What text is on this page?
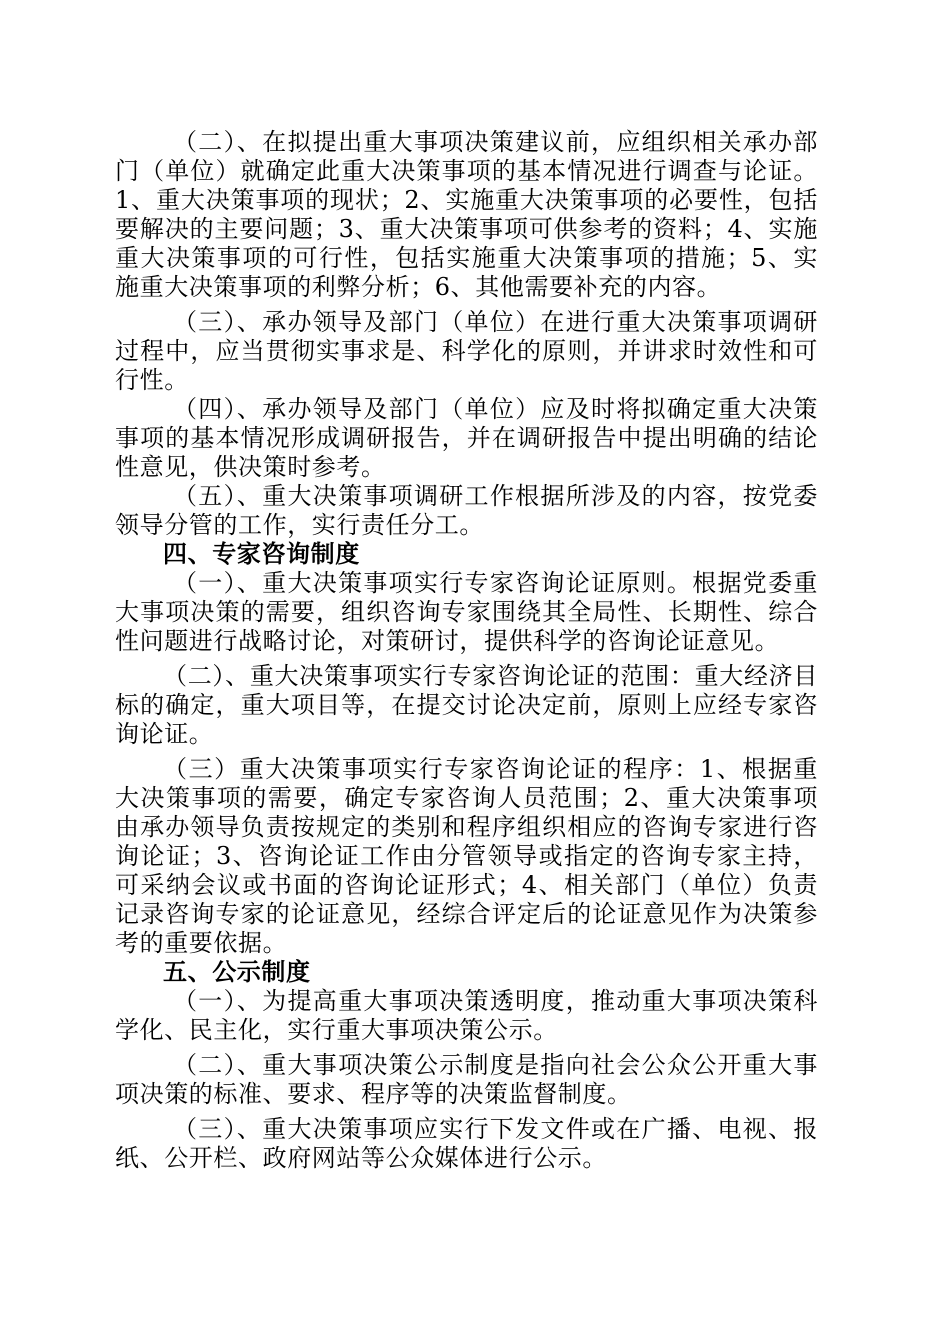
（二）、在拟提出重大事项决策建议前，应组织相关承办部门（单位）就确定此重大决策事项的基本情况进行调查与论证。1、重大决策事项的现状；2、实施重大决策事项的必要性，包括要解决的主要问题；3、重大决策事项可供参考的资料；4、实施重大决策事项的可行性，包括实施重大决策事项的措施；5、实施重大决策事项的利弊分析；6、其他需要补充的内容。

（三）、承办领导及部门（单位）在进行重大决策事项调研过程中，应当贯彻实事求是、科学化的原则，并讲求时效性和可行性。

（四）、承办领导及部门（单位）应及时将拟确定重大决策事项的基本情况形成调研报告，并在调研报告中提出明确的结论性意见，供决策时参考。

（五）、重大决策事项调研工作根据所涉及的内容，按党委领导分管的工作，实行责任分工。

四、专家咨询制度

（一）、重大决策事项实行专家咨询论证原则。根据党委重大事项决策的需要，组织咨询专家围绕其全局性、长期性、综合性问题进行战略讨论，对策研讨，提供科学的咨询论证意见。

（二）、重大决策事项实行专家咨询论证的范围：重大经济目标的确定，重大项目等，在提交讨论决定前，原则上应经专家咨询论证。

（三）重大决策事项实行专家咨询论证的程序：1、根据重大决策事项的需要，确定专家咨询人员范围；2、重大决策事项由承办领导负责按规定的类别和程序组织相应的咨询专家进行咨询论证；3、咨询论证工作由分管领导或指定的咨询专家主持，可采纳会议或书面的咨询论证形式；4、相关部门（单位）负责记录咨询专家的论证意见，经综合评定后的论证意见作为决策参考的重要依据。

五、公示制度

（一）、为提高重大事项决策透明度，推动重大事项决策科学化、民主化，实行重大事项决策公示。

（二）、重大事项决策公示制度是指向社会公众公开重大事项决策的标准、要求、程序等的决策监督制度。

（三）、重大决策事项应实行下发文件或在广播、电视、报纸、公开栏、政府网站等公众媒体进行公示。
